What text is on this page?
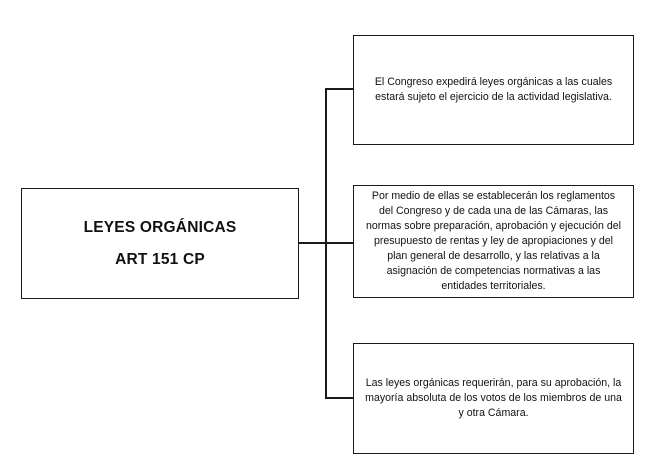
LEYES ORGÁNICAS
ART 151 CP
El Congreso expedirá leyes orgánicas a las cuales estará sujeto el ejercicio de la actividad legislativa.
Por medio de ellas se establecerán los reglamentos del Congreso y de cada una de las Cámaras, las normas sobre preparación, aprobación y ejecución del presupuesto de rentas y ley de apropiaciones y del plan general de desarrollo, y las relativas a la asignación de competencias normativas a las entidades territoriales.
Las leyes orgánicas requerirán, para su aprobación, la mayoría absoluta de los votos de los miembros de una y otra Cámara.
